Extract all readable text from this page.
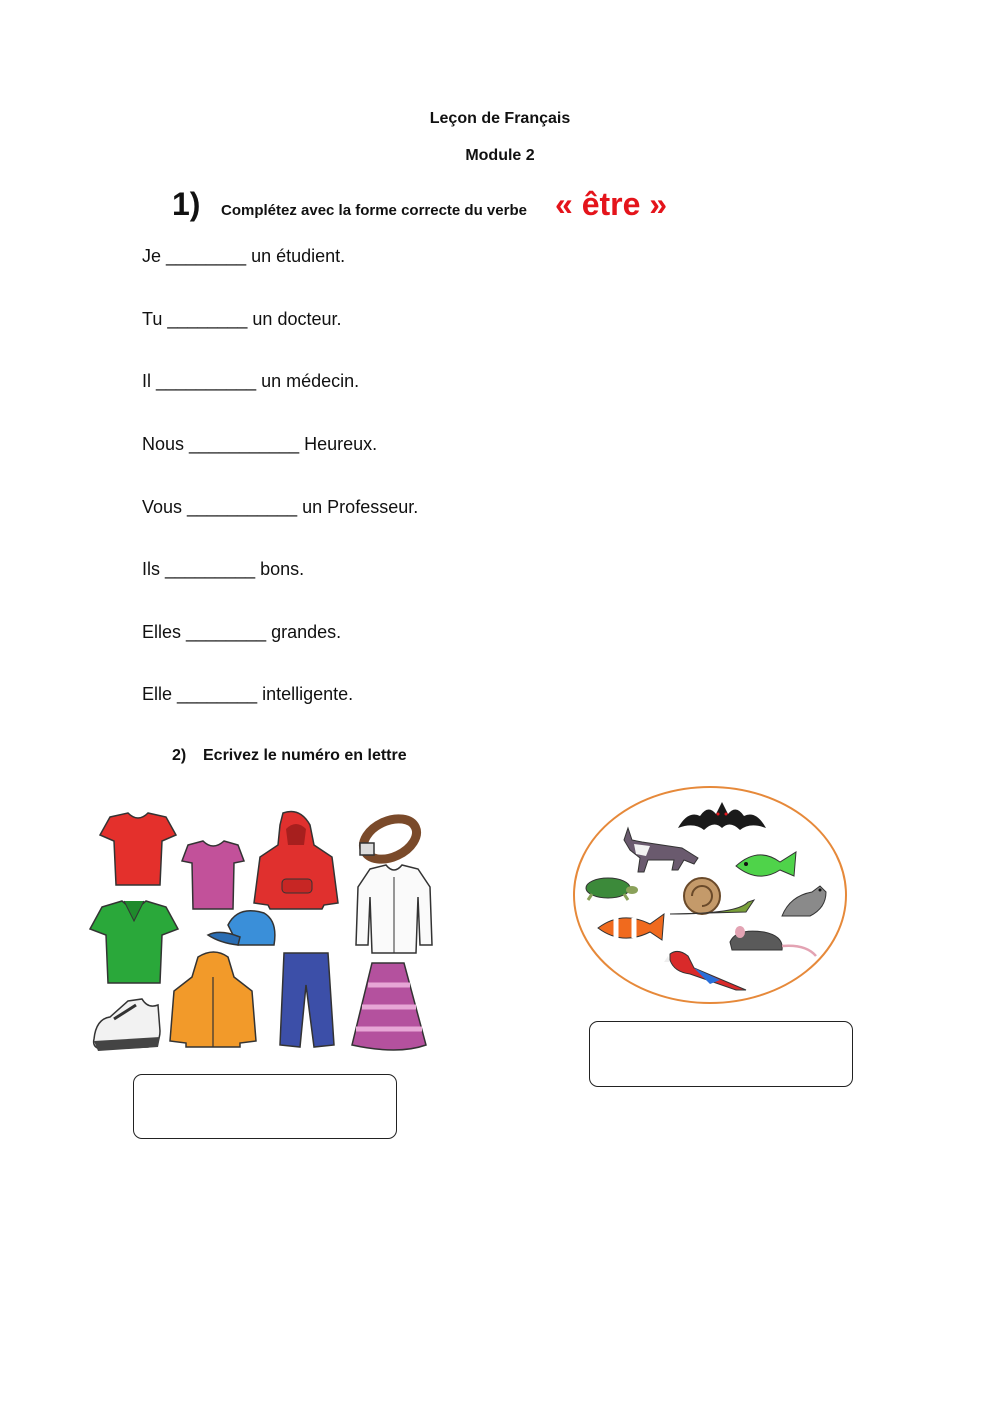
Leçon de Français
Module 2
1) Complétez avec la forme correcte du verbe « être »
Je ________ un étudient.
Tu ________ un docteur.
Il __________ un médecin.
Nous ___________ Heureux.
Vous ___________ un Professeur.
Ils _________ bons.
Elles ________ grandes.
Elle ________ intelligente.
2) Ecrivez le numéro en lettre
